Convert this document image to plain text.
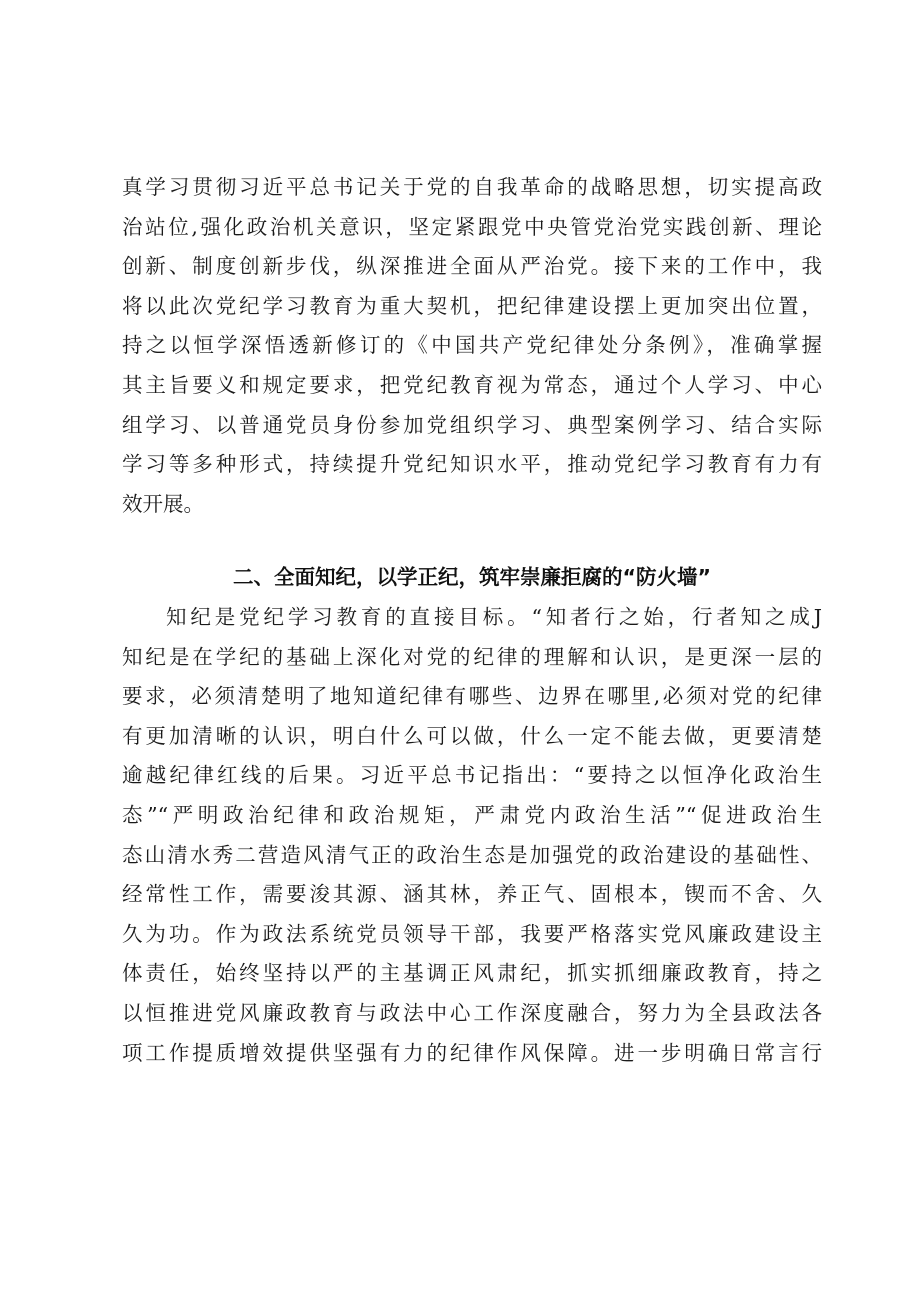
真学习贯彻习近平总书记关于党的自我革命的战略思想，切实提高政
治站位,强化政治机关意识，坚定紧跟党中央管党治党实践创新、理论
创新、制度创新步伐，纵深推进全面从严治党。接下来的工作中，我
将以此次党纪学习教育为重大契机，把纪律建设摆上更加突出位置，
持之以恒学深悟透新修订的《中国共产党纪律处分条例》，准确掌握
其主旨要义和规定要求，把党纪教育视为常态，通过个人学习、中心
组学习、以普通党员身份参加党组织学习、典型案例学习、结合实际
学习等多种形式，持续提升党纪知识水平，推动党纪学习教育有力有
效开展。
二、全面知纪，以学正纪，筑牢崇廉拒腐的“防火墙”
知纪是党纪学习教育的直接目标。“知者行之始，行者知之成J
知纪是在学纪的基础上深化对党的纪律的理解和认识，是更深一层的
要求，必须清楚明了地知道纪律有哪些、边界在哪里,必须对党的纪律
有更加清晰的认识，明白什么可以做，什么一定不能去做，更要清楚
逾越纪律红线的后果。习近平总书记指出：“要持之以恒净化政治生
态”“严明政治纪律和政治规矩，严肃党内政治生活”“促进政治生
态山清水秀二营造风清气正的政治生态是加强党的政治建设的基础性、
经常性工作，需要浚其源、涵其林，养正气、固根本，锲而不舍、久
久为功。作为政法系统党员领导干部，我要严格落实党风廉政建设主
体责任，始终坚持以严的主基调正风肃纪，抓实抓细廉政教育，持之
以恒推进党风廉政教育与政法中心工作深度融合，努力为全县政法各
项工作提质增效提供坚强有力的纪律作风保障。进一步明确日常言行
